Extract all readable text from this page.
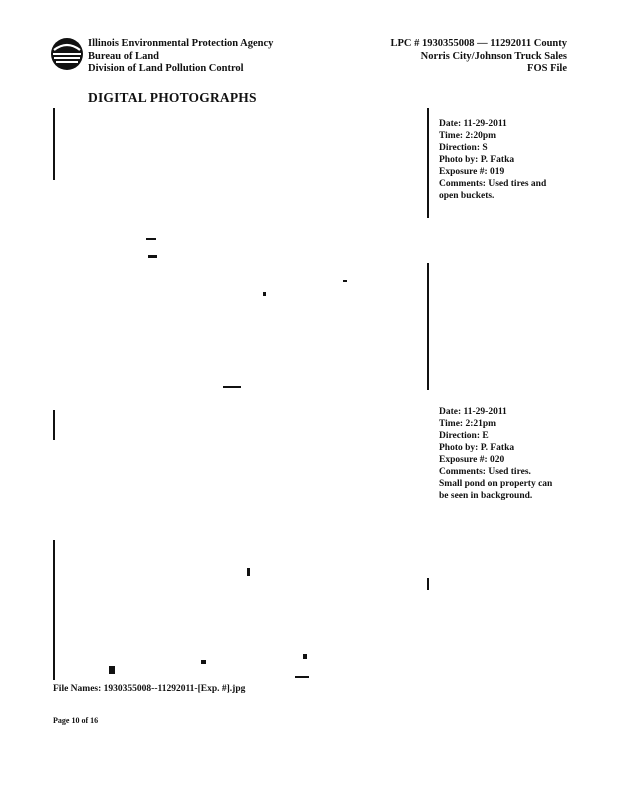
Illinois Environmental Protection Agency
Bureau of Land
Division of Land Pollution Control
LPC # 1930355008 — 11292011 County
Norris City/Johnson Truck Sales
FOS File
DIGITAL PHOTOGRAPHS
Date: 11-29-2011
Time: 2:20pm
Direction: S
Photo by: P. Fatka
Exposure #: 019
Comments: Used tires and open buckets.
Date: 11-29-2011
Time: 2:21pm
Direction: E
Photo by: P. Fatka
Exposure #: 020
Comments: Used tires. Small pond on property can be seen in background.
File Names: 1930355008--11292011-[Exp. #].jpg
Page 10 of 16
